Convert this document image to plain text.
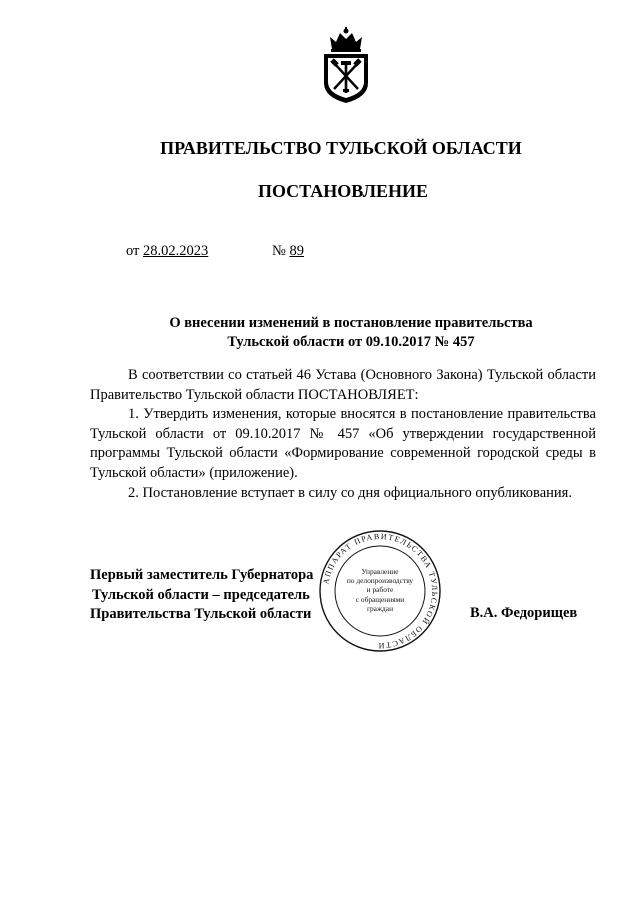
ПРАВИТЕЛЬСТВО ТУЛЬСКОЙ ОБЛАСТИ
ПОСТАНОВЛЕНИЕ
от 28.02.2023	№ 89
О внесении изменений в постановление правительства
Тульской области от 09.10.2017 № 457

В соответствии со статьей 46 Устава (Основного Закона) Тульской области Правительство Тульской области ПОСТАНОВЛЯЕТ:

1. Утвердить изменения, которые вносятся в постановление правительства Тульской области от 09.10.2017 № 457 «Об утверждении государственной программы Тульской области «Формирование современной городской среды в Тульской области» (приложение).

2. Постановление вступает в силу со дня официального опубликования.

АППАРАТ ПРАВИТЕЛЬСТВА ТУЛЬСКОЙ ОБЛАСТИ
Управление
по делопроизводству
и работе
с обращениями
граждан
Первый заместитель Губернатора
Тульской области – председатель
Правительства Тульской области	В.А. Федорищев
